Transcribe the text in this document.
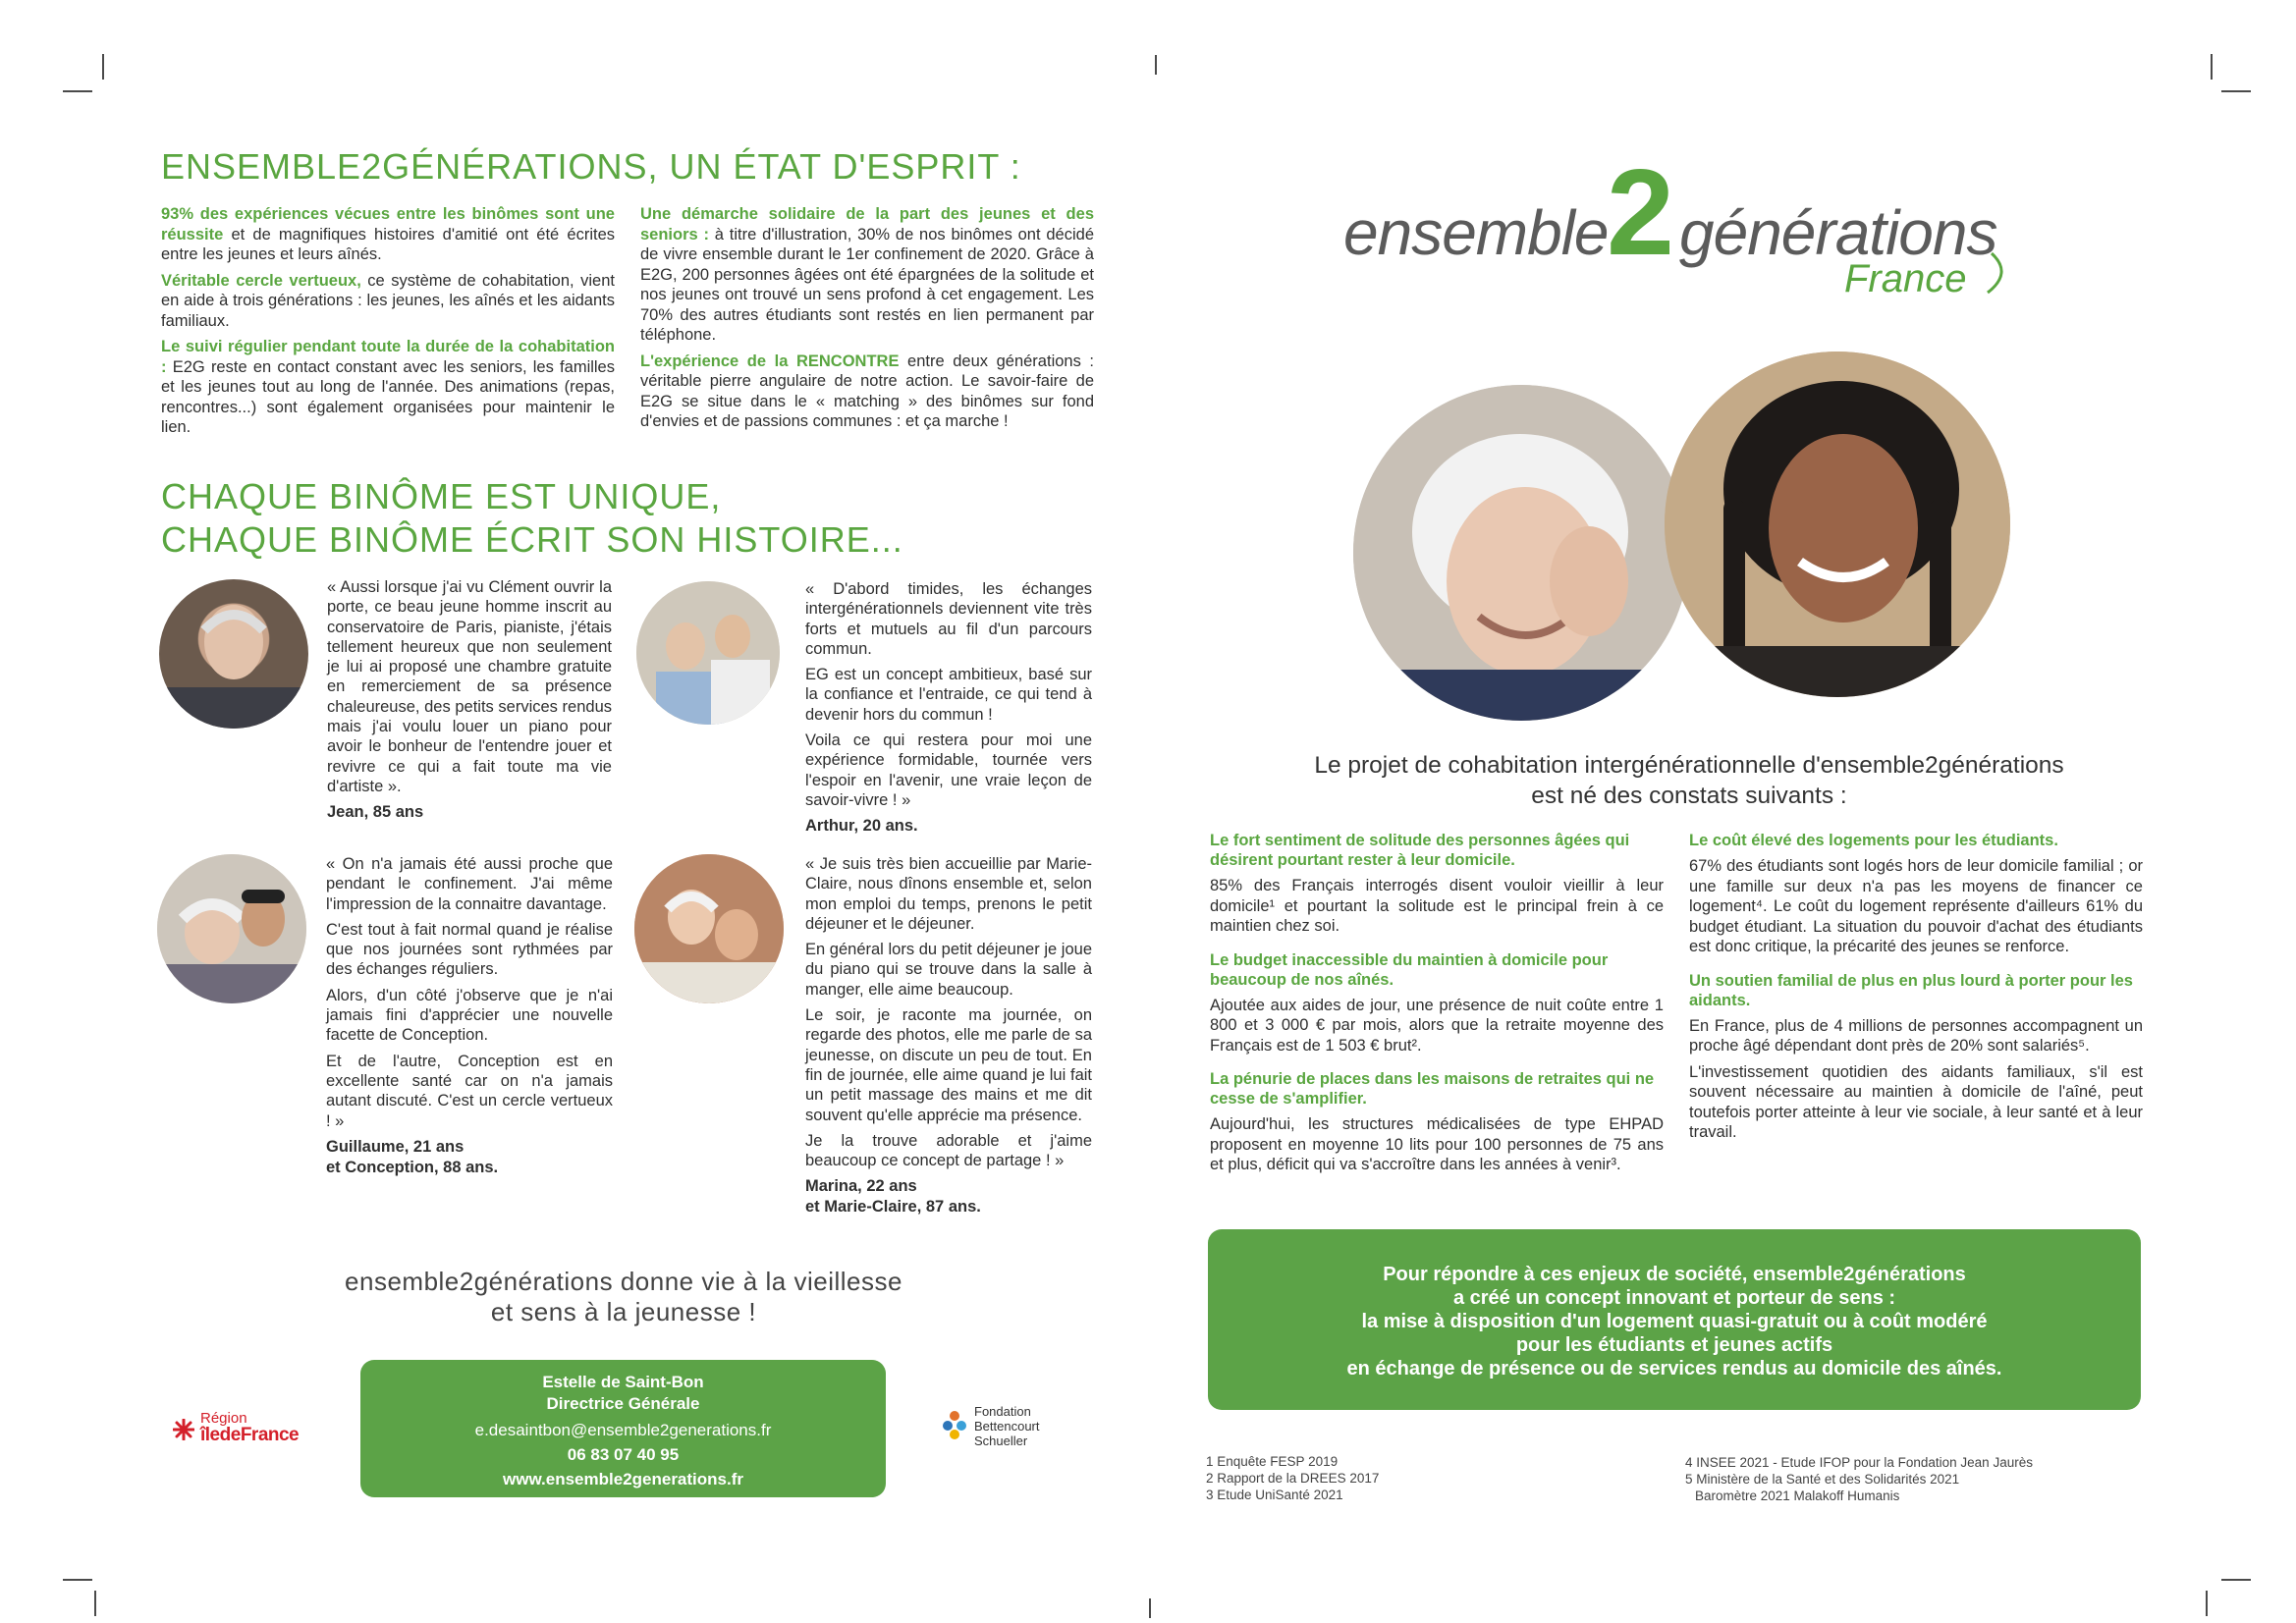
ENSEMBLE2GÉNÉRATIONS, UN ÉTAT D'ESPRIT :

93% des expériences vécues entre les binômes sont une réussite et de magnifiques histoires d'amitié ont été écrites entre les jeunes et leurs aînés.

Véritable cercle vertueux, ce système de cohabitation, vient en aide à trois générations : les jeunes, les aînés et les aidants familiaux.

Le suivi régulier pendant toute la durée de la cohabitation : E2G reste en contact constant avec les seniors, les familles et les jeunes tout au long de l'année. Des animations (repas, rencontres...) sont également organisées pour maintenir le lien.

Une démarche solidaire de la part des jeunes et des seniors : à titre d'illustration, 30% de nos binômes ont décidé de vivre ensemble durant le 1er confinement de 2020. Grâce à E2G, 200 personnes âgées ont été épargnées de la solitude et nos jeunes ont trouvé un sens profond à cet engagement. Les 70% des autres étudiants sont restés en lien permanent par téléphone.

L'expérience de la RENCONTRE entre deux générations : véritable pierre angulaire de notre action. Le savoir-faire de E2G se situe dans le « matching » des binômes sur fond d'envies et de passions communes : et ça marche !

CHAQUE BINÔME EST UNIQUE,
CHAQUE BINÔME ÉCRIT SON HISTOIRE...

« Aussi lorsque j'ai vu Clément ouvrir la porte, ce beau jeune homme inscrit au conservatoire de Paris, pianiste, j'étais tellement heureux que non seulement je lui ai proposé une chambre gratuite en remerciement de sa présence chaleureuse, des petits services rendus mais j'ai voulu louer un piano pour avoir le bonheur de l'entendre jouer et revivre ce qui a fait toute ma vie d'artiste ».

Jean, 85 ans

« D'abord timides, les échanges intergénérationnels deviennent vite très forts et mutuels au fil d'un parcours commun.

EG est un concept ambitieux, basé sur la confiance et l'entraide, ce qui tend à devenir hors du commun !

Voila ce qui restera pour moi une expérience formidable, tournée vers l'espoir en l'avenir, une vraie leçon de savoir-vivre ! »

Arthur, 20 ans.

« On n'a jamais été aussi proche que pendant le confinement. J'ai même l'impression de la connaitre davantage.

C'est tout à fait normal quand je réalise que nos journées sont rythmées par des échanges réguliers.

Alors, d'un côté j'observe que je n'ai jamais fini d'apprécier une nouvelle facette de Conception.

Et de l'autre, Conception est en excellente santé car on n'a jamais autant discuté. C'est un cercle vertueux ! »

Guillaume, 21 ans
et Conception, 88 ans.

« Je suis très bien accueillie par Marie-Claire, nous dînons ensemble et, selon mon emploi du temps, prenons le petit déjeuner et le déjeuner.

En général lors du petit déjeuner je joue du piano qui se trouve dans la salle à manger, elle aime beaucoup.

Le soir, je raconte ma journée, on regarde des photos, elle me parle de sa jeunesse, on discute un peu de tout. En fin de journée, elle aime quand je lui fait un petit massage des mains et me dit souvent qu'elle apprécie ma présence.

Je la trouve adorable et j'aime beaucoup ce concept de partage ! »

Marina, 22 ans
et Marie-Claire, 87 ans.
ensemble2générations donne vie à la vieillesse
et sens à la jeunesse !
Estelle de Saint-Bon
Directrice Générale
e.desaintbon@ensemble2generations.fr
06 83 07 40 95
www.ensemble2generations.fr
Région
îledeFrance
Fondation
Bettencourt
Schueller
ensemble
2 générations
France
Le projet de cohabitation intergénérationnelle d'ensemble2générations
est né des constats suivants :
Le fort sentiment de solitude des personnes âgées qui désirent pourtant rester à leur domicile.

85% des Français interrogés disent vouloir vieillir à leur domicile¹ et pourtant la solitude est le principal frein à ce maintien chez soi.

Le budget inaccessible du maintien à domicile pour beaucoup de nos aînés.

Ajoutée aux aides de jour, une présence de nuit coûte entre 1 800 et 3 000 € par mois, alors que la retraite moyenne des Français est de 1 503 € brut².

La pénurie de places dans les maisons de retraites qui ne cesse de s'amplifier.

Aujourd'hui, les structures médicalisées de type EHPAD proposent en moyenne 10 lits pour 100 personnes de 75 ans et plus, déficit qui va s'accroître dans les années à venir³.

Le coût élevé des logements pour les étudiants.

67% des étudiants sont logés hors de leur domicile familial ; or une famille sur deux n'a pas les moyens de financer ce logement⁴. Le coût du logement représente d'ailleurs 61% du budget étudiant. La situation du pouvoir d'achat des étudiants est donc critique, la précarité des jeunes se renforce.

Un soutien familial de plus en plus lourd à porter pour les aidants.

En France, plus de 4 millions de personnes accompagnent un proche âgé dépendant dont près de 20% sont salariés⁵.

L'investissement quotidien des aidants familiaux, s'il est souvent nécessaire au maintien à domicile de l'aîné, peut toutefois porter atteinte à leur vie sociale, à leur santé et à leur travail.

Pour répondre à ces enjeux de société, ensemble2générations
a créé un concept innovant et porteur de sens :
la mise à disposition d'un logement quasi-gratuit ou à coût modéré
pour les étudiants et jeunes actifs
en échange de présence ou de services rendus au domicile des aînés.
1 Enquête FESP 2019
2 Rapport de la DREES 2017
3 Etude UniSanté 2021
4 INSEE 2021 - Etude IFOP pour la Fondation Jean Jaurès
5 Ministère de la Santé et des Solidarités 2021
Baromètre 2021 Malakoff Humanis
